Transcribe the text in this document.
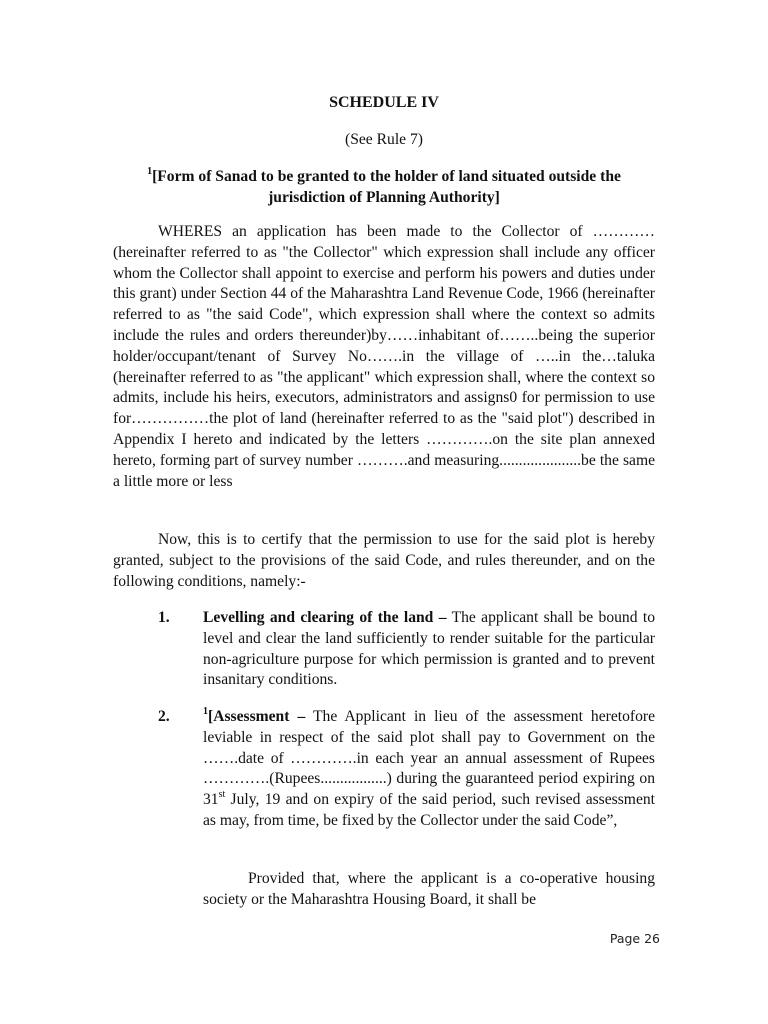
SCHEDULE IV
(See Rule 7)
$^1$[Form of Sanad to be granted to the holder of land situated outside the jurisdiction of Planning Authority]
WHERES an application has been made to the Collector of ………… (hereinafter referred to as "the Collector" which expression shall include any officer whom the Collector shall appoint to exercise and perform his powers and duties under this grant) under Section 44 of the Maharashtra Land Revenue Code, 1966 (hereinafter referred to as "the said Code", which expression shall where the context so admits include the rules and orders thereunder)by……inhabitant of……..being the superior holder/occupant/tenant of Survey No…….in the village of …..in the…taluka (hereinafter referred to as "the applicant" which expression shall, where the context so admits, include his heirs, executors, administrators and assigns0 for permission to use for……………the plot of land (hereinafter referred to as the "said plot") described in Appendix I hereto and indicated by the letters ………….on the site plan annexed hereto, forming part of survey number ……….and measuring.....................be the same a little more or less
Now, this is to certify that the permission to use for the said plot is hereby granted, subject to the provisions of the said Code, and rules thereunder, and on the following conditions, namely:-
1. Levelling and clearing of the land – The applicant shall be bound to level and clear the land sufficiently to render suitable for the particular non-agriculture purpose for which permission is granted and to prevent insanitary conditions.
2.	$^1$[Assessment – The Applicant in lieu of the assessment heretofore leviable in respect of the said plot shall pay to Government on the …….date of ………….in each year an annual assessment of Rupees ………….(Rupees.................) during the guaranteed period expiring on 31st July, 19 and on expiry of the said period, such revised assessment as may, from time, be fixed by the Collector under the said Code”,
Provided that, where the applicant is a co-operative housing society or the Maharashtra Housing Board, it shall be
Page 26
